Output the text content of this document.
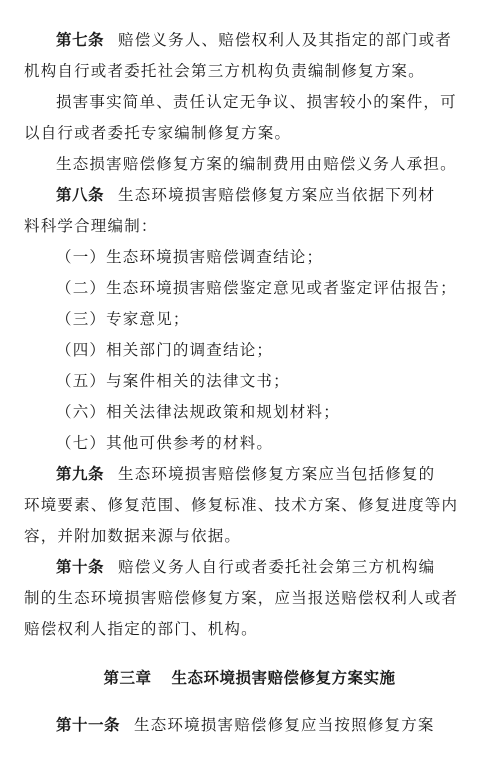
第七条 赔偿义务人、赔偿权利人及其指定的部门或者
机构自行或者委托社会第三方机构负责编制修复方案。
损害事实简单、责任认定无争议、损害较小的案件，可
以自行或者委托专家编制修复方案。
生态损害赔偿修复方案的编制费用由赔偿义务人承担。
第八条 生态环境损害赔偿修复方案应当依据下列材
料科学合理编制：
（一）生态环境损害赔偿调查结论；
（二）生态环境损害赔偿鉴定意见或者鉴定评估报告；
（三）专家意见；
（四）相关部门的调查结论；
（五）与案件相关的法律文书；
（六）相关法律法规政策和规划材料；
（七）其他可供参考的材料。
第九条 生态环境损害赔偿修复方案应当包括修复的
环境要素、修复范围、修复标准、技术方案、修复进度等内
容，并附加数据来源与依据。
第十条 赔偿义务人自行或者委托社会第三方机构编
制的生态环境损害赔偿修复方案，应当报送赔偿权利人或者
赔偿权利人指定的部门、机构。
第三章 生态环境损害赔偿修复方案实施
第十一条 生态环境损害赔偿修复应当按照修复方案
